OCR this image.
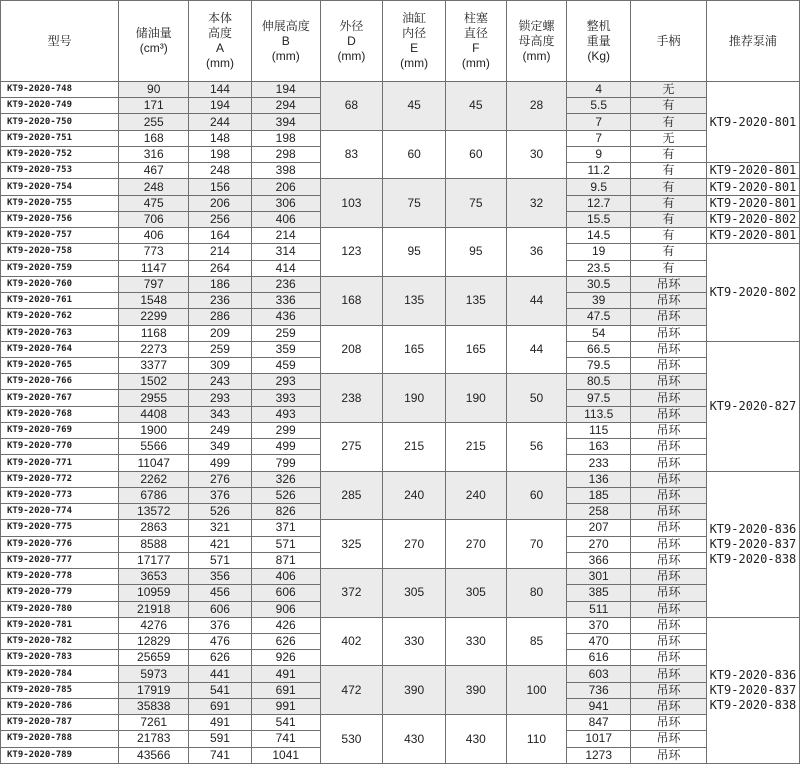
型号	储油量
(cm³)	本体
高度
A
(mm)	伸展高度
B
(mm)	外径
D
(mm)	油缸
内径
E
(mm)	柱塞
直径
F
(mm)	锁定螺
母高度
(mm)	整机
重量
(Kg)	手柄	推荐泵浦

KT9-2020-748	90	144	194	68	45	45	28	4	无	KT9-2020-801

KT9-2020-749	171	194	294					5.5	有	
KT9-2020-750	255	244	394					7	有	
KT9-2020-751	168	148	198	83	60	60	30	7	无	
KT9-2020-752	316	198	298					9	有	
KT9-2020-753	467	248	398					11.2	有	KT9-2020-801

KT9-2020-754	248	156	206	103	75	75	32	9.5	有	KT9-2020-801

KT9-2020-755	475	206	306					12.7	有	KT9-2020-801

KT9-2020-756	706	256	406					15.5	有	KT9-2020-802

KT9-2020-757	406	164	214	123	95	95	36	14.5	有	KT9-2020-801

KT9-2020-758	773	214	314					19	有	KT9-2020-802

KT9-2020-759	1147	264	414					23.5	有	
KT9-2020-760	797	186	236	168	135	135	44	30.5	吊环	
KT9-2020-761	1548	236	336					39	吊环	
KT9-2020-762	2299	286	436					47.5	吊环	
KT9-2020-763	1168	209	259	208	165	165	44	54	吊环	
KT9-2020-764	2273	259	359					66.5	吊环	KT9-2020-827

KT9-2020-765	3377	309	459					79.5	吊环	
KT9-2020-766	1502	243	293	238	190	190	50	80.5	吊环	
KT9-2020-767	2955	293	393					97.5	吊环	
KT9-2020-768	4408	343	493					113.5	吊环	
KT9-2020-769	1900	249	299	275	215	215	56	115	吊环	
KT9-2020-770	5566	349	499					163	吊环	
KT9-2020-771	11047	499	799					233	吊环	
KT9-2020-772	2262	276	326	285	240	240	60	136	吊环	KT9-2020-836
KT9-2020-837
KT9-2020-838

KT9-2020-773	6786	376	526					185	吊环	
KT9-2020-774	13572	526	826					258	吊环	
KT9-2020-775	2863	321	371	325	270	270	70	207	吊环	
KT9-2020-776	8588	421	571					270	吊环	
KT9-2020-777	17177	571	871					366	吊环	
KT9-2020-778	3653	356	406	372	305	305	80	301	吊环	
KT9-2020-779	10959	456	606					385	吊环	
KT9-2020-780	21918	606	906					511	吊环	
KT9-2020-781	4276	376	426	402	330	330	85	370	吊环	KT9-2020-836
KT9-2020-837
KT9-2020-838

KT9-2020-782	12829	476	626					470	吊环	
KT9-2020-783	25659	626	926					616	吊环	
KT9-2020-784	5973	441	491	472	390	390	100	603	吊环	
KT9-2020-785	17919	541	691					736	吊环	
KT9-2020-786	35838	691	991					941	吊环	
KT9-2020-787	7261	491	541	530	430	430	110	847	吊环	
KT9-2020-788	21783	591	741					1017	吊环	
KT9-2020-789	43566	741	1041					1273	吊环	
